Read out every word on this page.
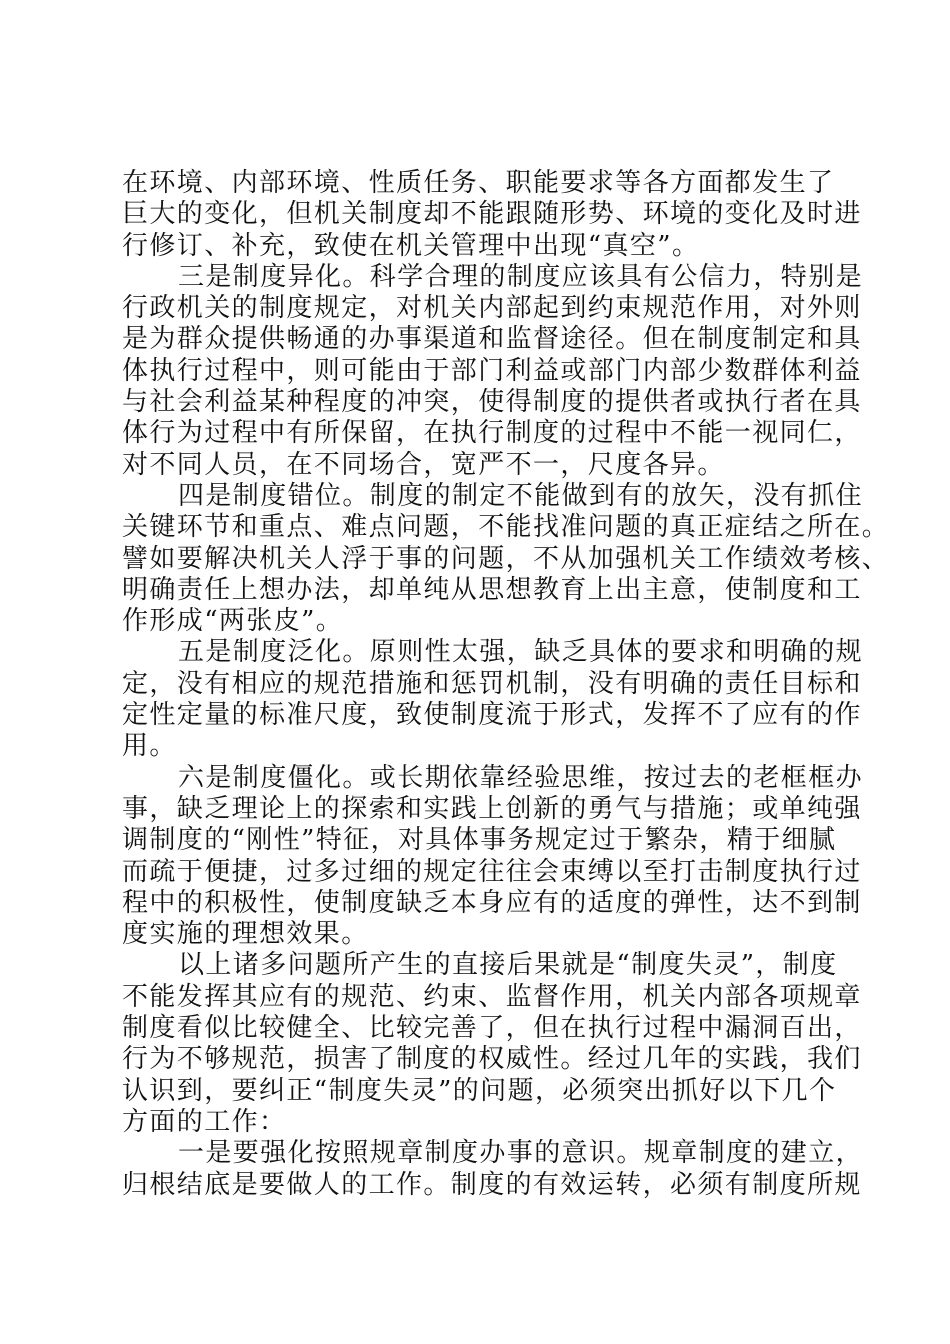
在环境、内部环境、性质任务、职能要求等各方面都发生了
巨大的变化，但机关制度却不能跟随形势、环境的变化及时进
行修订、补充，致使在机关管理中出现“真空”。

三是制度异化。科学合理的制度应该具有公信力，特别是
行政机关的制度规定，对机关内部起到约束规范作用，对外则
是为群众提供畅通的办事渠道和监督途径。但在制度制定和具
体执行过程中，则可能由于部门利益或部门内部少数群体利益
与社会利益某种程度的冲突，使得制度的提供者或执行者在具
体行为过程中有所保留，在执行制度的过程中不能一视同仁，
对不同人员，在不同场合，宽严不一，尺度各异。

四是制度错位。制度的制定不能做到有的放矢，没有抓住
关键环节和重点、难点问题，不能找准问题的真正症结之所在。
譬如要解决机关人浮于事的问题，不从加强机关工作绩效考核、
明确责任上想办法，却单纯从思想教育上出主意，使制度和工
作形成“两张皮”。

五是制度泛化。原则性太强，缺乏具体的要求和明确的规
定，没有相应的规范措施和惩罚机制，没有明确的责任目标和
定性定量的标准尺度，致使制度流于形式，发挥不了应有的作
用。

六是制度僵化。或长期依靠经验思维，按过去的老框框办
事，缺乏理论上的探索和实践上创新的勇气与措施；或单纯强
调制度的“刚性”特征，对具体事务规定过于繁杂，精于细腻
而疏于便捷，过多过细的规定往往会束缚以至打击制度执行过
程中的积极性，使制度缺乏本身应有的适度的弹性，达不到制
度实施的理想效果。

以上诸多问题所产生的直接后果就是“制度失灵”，制度
不能发挥其应有的规范、约束、监督作用，机关内部各项规章
制度看似比较健全、比较完善了，但在执行过程中漏洞百出，
行为不够规范，损害了制度的权威性。经过几年的实践，我们
认识到，要纠正“制度失灵”的问题，必须突出抓好以下几个
方面的工作：

一是要强化按照规章制度办事的意识。规章制度的建立，
归根结底是要做人的工作。制度的有效运转，必须有制度所规
